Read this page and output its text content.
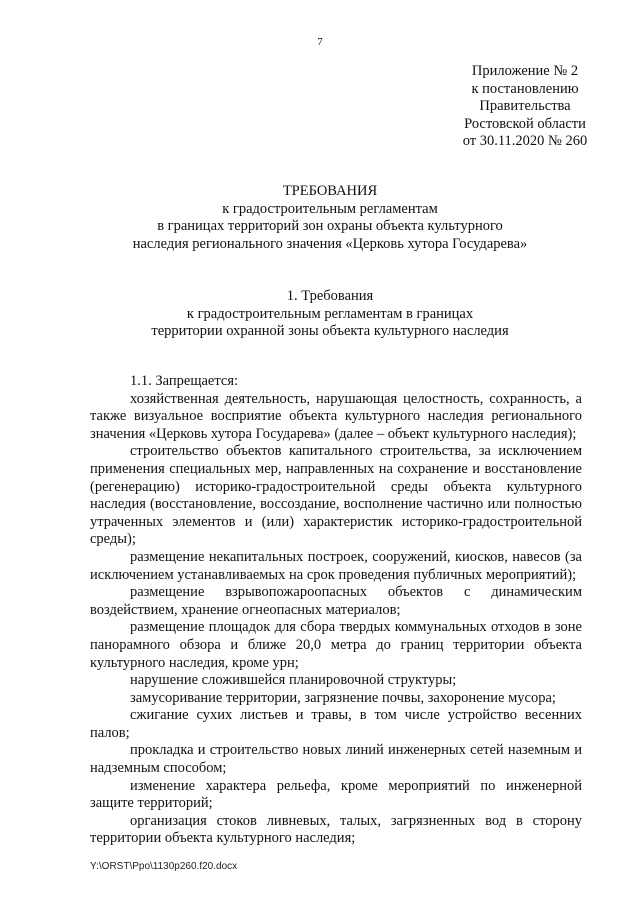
7
Приложение № 2
к постановлению
Правительства
Ростовской области
от 30.11.2020 № 260
ТРЕБОВАНИЯ
к градостроительным регламентам
в границах территорий зон охраны объекта культурного
наследия регионального значения «Церковь хутора Государева»
1. Требования
к градостроительным регламентам в границах
территории охранной зоны объекта культурного наследия

1.1. Запрещается:

хозяйственная деятельность, нарушающая целостность, сохранность, а также визуальное восприятие объекта культурного наследия регионального значения «Церковь хутора Государева» (далее – объект культурного наследия);

строительство объектов капитального строительства, за исключением применения специальных мер, направленных на сохранение и восстановление (регенерацию) историко-градостроительной среды объекта культурного наследия (восстановление, воссоздание, восполнение частично или полностью утраченных элементов и (или) характеристик историко-градостроительной среды);

размещение некапитальных построек, сооружений, киосков, навесов (за исключением устанавливаемых на срок проведения публичных мероприятий);

размещение взрывопожароопасных объектов с динамическим воздействием, хранение огнеопасных материалов;

размещение площадок для сбора твердых коммунальных отходов в зоне панорамного обзора и ближе 20,0 метра до границ территории объекта культурного наследия, кроме урн;

нарушение сложившейся планировочной структуры;

замусоривание территории, загрязнение почвы, захоронение мусора;

сжигание сухих листьев и травы, в том числе устройство весенних палов;

прокладка и строительство новых линий инженерных сетей наземным и надземным способом;

изменение характера рельефа, кроме мероприятий по инженерной защите территорий;

организация стоков ливневых, талых, загрязненных вод в сторону территории объекта культурного наследия;

Y:\ORST\Ppo\1130p260.f20.docx
